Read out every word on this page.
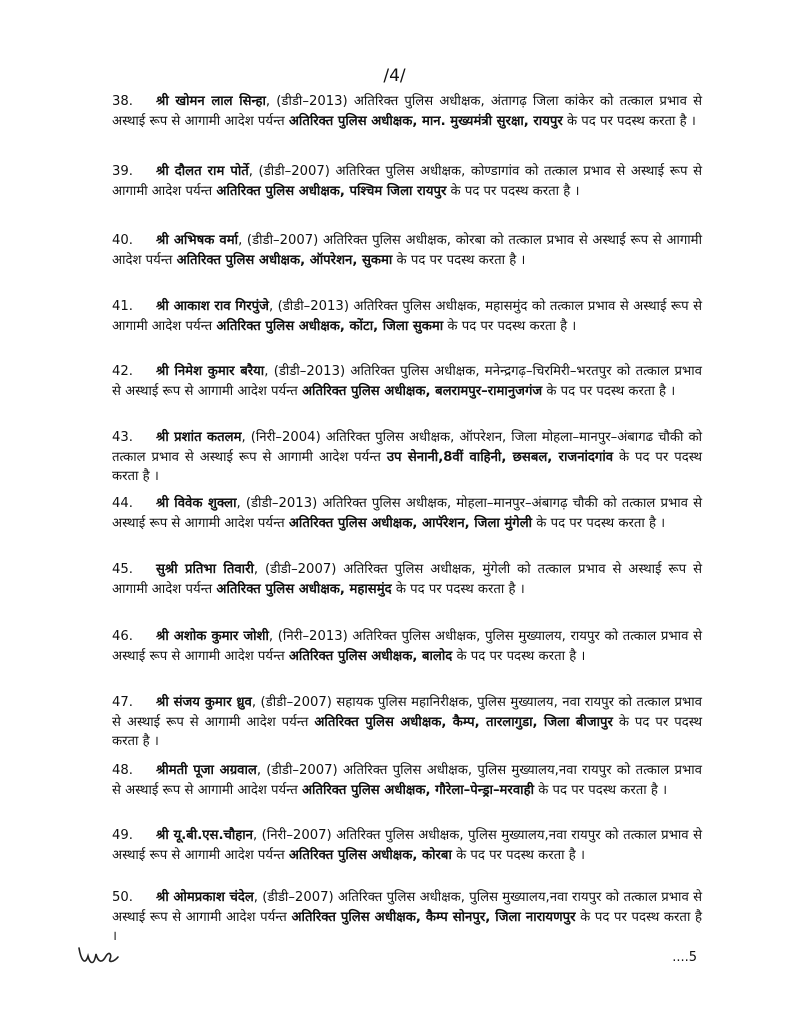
/4/

38. श्री खोमन लाल सिन्हा, (डीडी–2013) अतिरिक्त पुलिस अधीक्षक, अंतागढ़ जिला कांकेर को तत्काल प्रभाव से अस्थाई रूप से आगामी आदेश पर्यन्त अतिरिक्त पुलिस अधीक्षक, मान. मुख्यमंत्री सुरक्षा, रायपुर के पद पर पदस्थ करता है ।

39. श्री दौलत राम पोर्ते, (डीडी–2007) अतिरिक्त पुलिस अधीक्षक, कोण्डागांव को तत्काल प्रभाव से अस्थाई रूप से आगामी आदेश पर्यन्त अतिरिक्त पुलिस अधीक्षक, पश्चिम जिला रायपुर के पद पर पदस्थ करता है ।

40. श्री अभिषक वर्मा, (डीडी–2007) अतिरिक्त पुलिस अधीक्षक, कोरबा को तत्काल प्रभाव से अस्थाई रूप से आगामी आदेश पर्यन्त अतिरिक्त पुलिस अधीक्षक, ऑपरेशन, सुकमा के पद पर पदस्थ करता है ।

41. श्री आकाश राव गिरपुंजे, (डीडी–2013) अतिरिक्त पुलिस अधीक्षक, महासमुंद को तत्काल प्रभाव से अस्थाई रूप से आगामी आदेश पर्यन्त अतिरिक्त पुलिस अधीक्षक, कोंटा, जिला सुकमा के पद पर पदस्थ करता है ।

42. श्री निमेश कुमार बरैया, (डीडी–2013) अतिरिक्त पुलिस अधीक्षक, मनेन्द्रगढ़–चिरमिरी–भरतपुर को तत्काल प्रभाव से अस्थाई रूप से आगामी आदेश पर्यन्त अतिरिक्त पुलिस अधीक्षक, बलरामपुर–रामानुजगंज के पद पर पदस्थ करता है ।

43. श्री प्रशांत कतलम, (निरी–2004) अतिरिक्त पुलिस अधीक्षक, ऑपरेशन, जिला मोहला–मानपुर–अंबागढ चौकी को तत्काल प्रभाव से अस्थाई रूप से आगामी आदेश पर्यन्त उप सेनानी,8वीं वाहिनी, छसबल, राजनांदगांव के पद पर पदस्थ करता है ।

44. श्री विवेक शुक्ला, (डीडी–2013) अतिरिक्त पुलिस अधीक्षक, मोहला–मानपुर–अंबागढ़ चौकी को तत्काल प्रभाव से अस्थाई रूप से आगामी आदेश पर्यन्त अतिरिक्त पुलिस अधीक्षक, आपॅरेशन, जिला मुंगेली के पद पर पदस्थ करता है ।

45. सुश्री प्रतिभा तिवारी, (डीडी–2007) अतिरिक्त पुलिस अधीक्षक, मुंगेली को तत्काल प्रभाव से अस्थाई रूप से आगामी आदेश पर्यन्त अतिरिक्त पुलिस अधीक्षक, महासमुंद के पद पर पदस्थ करता है ।

46. श्री अशोक कुमार जोशी, (निरी–2013) अतिरिक्त पुलिस अधीक्षक, पुलिस मुख्यालय, रायपुर को तत्काल प्रभाव से अस्थाई रूप से आगामी आदेश पर्यन्त अतिरिक्त पुलिस अधीक्षक, बालोद के पद पर पदस्थ करता है ।

47. श्री संजय कुमार ध्रुव, (डीडी–2007) सहायक पुलिस महानिरीक्षक, पुलिस मुख्यालय, नवा रायपुर को तत्काल प्रभाव से अस्थाई रूप से आगामी आदेश पर्यन्त अतिरिक्त पुलिस अधीक्षक, कैम्प, तारलागुडा, जिला बीजापुर के पद पर पदस्थ करता है ।

48. श्रीमती पूजा अग्रवाल, (डीडी–2007) अतिरिक्त पुलिस अधीक्षक, पुलिस मुख्यालय,नवा रायपुर को तत्काल प्रभाव से अस्थाई रूप से आगामी आदेश पर्यन्त अतिरिक्त पुलिस अधीक्षक, गौरेला–पेन्ड्रा–मरवाही के पद पर पदस्थ करता है ।

49. श्री यू.बी.एस.चौहान, (निरी–2007) अतिरिक्त पुलिस अधीक्षक, पुलिस मुख्यालय,नवा रायपुर को तत्काल प्रभाव से अस्थाई रूप से आगामी आदेश पर्यन्त अतिरिक्त पुलिस अधीक्षक, कोरबा के पद पर पदस्थ करता है ।

50. श्री ओमप्रकाश चंदेल, (डीडी–2007) अतिरिक्त पुलिस अधीक्षक, पुलिस मुख्यालय,नवा रायपुर को तत्काल प्रभाव से अस्थाई रूप से आगामी आदेश पर्यन्त अतिरिक्त पुलिस अधीक्षक, कैम्प सोनपुर, जिला नारायणपुर के पद पर पदस्थ करता है ।

....5
